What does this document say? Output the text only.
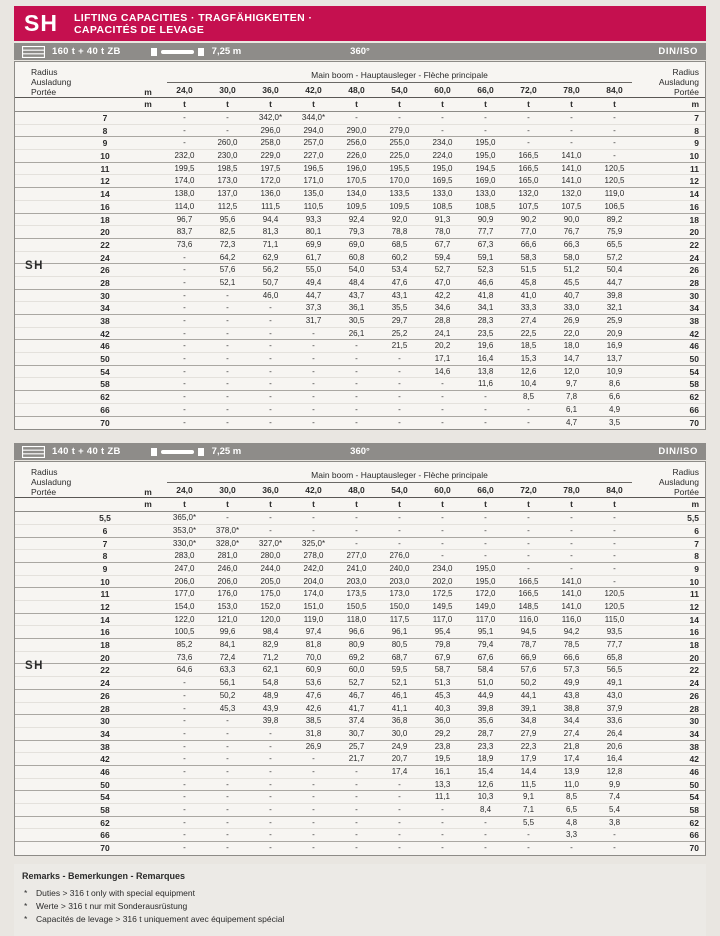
SH LIFTING CAPACITIES · TRAGFÄHIGKEITEN ·
CAPACITÉS DE LEVAGE
160 t + 40 t ZB	7,25 m	360°	DIN/ISO
Radius
Ausladung
Portée	m
Main boom - Hauptausleger - Flèche principale
24,0	30,0	36,0	42,0	48,0	54,0	60,0	66,0	72,0	78,0	84,0
Radius
Ausladung
Portée
m	t	t	t	t	t	t	t	t	t	t	t	m
7	-	-	342,0*	344,0*	-	-	-	-	-	-	-	7
8	-	-	296,0	294,0	290,0	279,0	-	-	-	-	-	8
9	-	260,0	258,0	257,0	256,0	255,0	234,0	195,0	-	-	-	9
10	232,0	230,0	229,0	227,0	226,0	225,0	224,0	195,0	166,5	141,0	-	10
11	199,5	198,5	197,5	196,5	196,0	195,5	195,0	194,5	166,5	141,0	120,5	11
12	174,0	173,0	172,0	171,0	170,5	170,0	169,5	169,0	165,0	141,0	120,5	12
14	138,0	137,0	136,0	135,0	134,0	133,5	133,0	133,0	132,0	132,0	119,0	14
16	114,0	112,5	111,5	110,5	109,5	109,5	108,5	108,5	107,5	107,5	106,5	16
18	96,7	95,6	94,4	93,3	92,4	92,0	91,3	90,9	90,2	90,0	89,2	18
20	83,7	82,5	81,3	80,1	79,3	78,8	78,0	77,7	77,0	76,7	75,9	20
22	73,6	72,3	71,1	69,9	69,0	68,5	67,7	67,3	66,6	66,3	65,5	22
24	-	64,2	62,9	61,7	60,8	60,2	59,4	59,1	58,3	58,0	57,2	24
26	-	57,6	56,2	55,0	54,0	53,4	52,7	52,3	51,5	51,2	50,4	26
28	-	52,1	50,7	49,4	48,4	47,6	47,0	46,6	45,8	45,5	44,7	28
30	-	-	46,0	44,7	43,7	43,1	42,2	41,8	41,0	40,7	39,8	30
34	-	-	-	37,3	36,1	35,5	34,6	34,1	33,3	33,0	32,1	34
38	-	-	-	31,7	30,5	29,7	28,8	28,3	27,4	26,9	25,9	38
42	-	-	-	-	26,1	25,2	24,1	23,5	22,5	22,0	20,9	42
46	-	-	-	-	-	21,5	20,2	19,6	18,5	18,0	16,9	46
50	-	-	-	-	-	-	17,1	16,4	15,3	14,7	13,7	50
54	-	-	-	-	-	-	14,6	13,8	12,6	12,0	10,9	54
58	-	-	-	-	-	-	-	11,6	10,4	9,7	8,6	58
62	-	-	-	-	-	-	-	-	8,5	7,8	6,6	62
66	-	-	-	-	-	-	-	-	-	6,1	4,9	66
70	-	-	-	-	-	-	-	-	-	4,7	3,5	70
SH
140 t + 40 t ZB	7,25 m	360°	DIN/ISO
Radius
Ausladung
Portée	m
Main boom - Hauptausleger - Flèche principale
24,0	30,0	36,0	42,0	48,0	54,0	60,0	66,0	72,0	78,0	84,0
Radius
Ausladung
Portée
m	t	t	t	t	t	t	t	t	t	t	t	m
5,5	365,0*	-	-	-	-	-	-	-	-	-	-	5,5
6	353,0*	378,0*	-	-	-	-	-	-	-	-	-	6
7	330,0*	328,0*	327,0*	325,0*	-	-	-	-	-	-	-	7
8	283,0	281,0	280,0	278,0	277,0	276,0	-	-	-	-	-	8
9	247,0	246,0	244,0	242,0	241,0	240,0	234,0	195,0	-	-	-	9
10	206,0	206,0	205,0	204,0	203,0	203,0	202,0	195,0	166,5	141,0	-	10
11	177,0	176,0	175,0	174,0	173,5	173,0	172,5	172,0	166,5	141,0	120,5	11
12	154,0	153,0	152,0	151,0	150,5	150,0	149,5	149,0	148,5	141,0	120,5	12
14	122,0	121,0	120,0	119,0	118,0	117,5	117,0	117,0	116,0	116,0	115,0	14
16	100,5	99,6	98,4	97,4	96,6	96,1	95,4	95,1	94,5	94,2	93,5	16
18	85,2	84,1	82,9	81,8	80,9	80,5	79,8	79,4	78,7	78,5	77,7	18
20	73,6	72,4	71,2	70,0	69,2	68,7	67,9	67,6	66,9	66,6	65,8	20
22	64,6	63,3	62,1	60,9	60,0	59,5	58,7	58,4	57,6	57,3	56,5	22
24	-	56,1	54,8	53,6	52,7	52,1	51,3	51,0	50,2	49,9	49,1	24
26	-	50,2	48,9	47,6	46,7	46,1	45,3	44,9	44,1	43,8	43,0	26
28	-	45,3	43,9	42,6	41,7	41,1	40,3	39,8	39,1	38,8	37,9	28
30	-	-	39,8	38,5	37,4	36,8	36,0	35,6	34,8	34,4	33,6	30
34	-	-	-	31,8	30,7	30,0	29,2	28,7	27,9	27,4	26,4	34
38	-	-	-	26,9	25,7	24,9	23,8	23,3	22,3	21,8	20,6	38
42	-	-	-	-	21,7	20,7	19,5	18,9	17,9	17,4	16,4	42
46	-	-	-	-	-	17,4	16,1	15,4	14,4	13,9	12,8	46
50	-	-	-	-	-	-	13,3	12,6	11,5	11,0	9,9	50
54	-	-	-	-	-	-	11,1	10,3	9,1	8,5	7,4	54
58	-	-	-	-	-	-	-	8,4	7,1	6,5	5,4	58
62	-	-	-	-	-	-	-	-	5,5	4,8	3,8	62
66	-	-	-	-	-	-	-	-	-	3,3	-	66
70	-	-	-	-	-	-	-	-	-	-	-	70
SH
Remarks - Bemerkungen - Remarques
*	Duties > 316 t only with special equipment
*	Werte > 316 t nur mit Sonderausrüstung
*	Capacités de levage > 316 t uniquement avec équipement spécial
